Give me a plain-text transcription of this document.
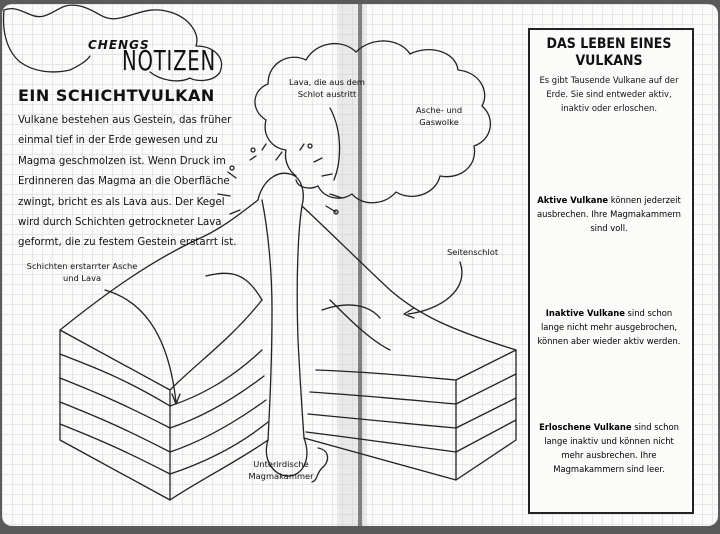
CHENGS
NOTIZEN
EIN SCHICHTVULKAN
Vulkane bestehen aus Gestein, das früher einmal tief in der Erde gewesen und zu Magma geschmolzen ist. Wenn Druck im Erdinneren das Magma an die Oberfläche zwingt, bricht es als Lava aus. Der Kegel wird durch Schichten getrockneter Lava geformt, die zu festem Gestein erstarrt ist.
Lava, die aus dem Schlot austritt
Asche- und Gaswolke
Schichten erstarrter Asche und Lava
Seitenschlot
Unterirdische Magmakammer
DAS LEBEN EINES VULKANS
Es gibt Tausende Vulkane auf der Erde. Sie sind entweder aktiv, inaktiv oder erloschen.
Aktive Vulkane können jederzeit ausbrechen. Ihre Magmakammern sind voll.
Inaktive Vulkane sind schon lange nicht mehr ausgebrochen, können aber wieder aktiv werden.
Erloschene Vulkane sind schon lange inaktiv und können nicht mehr ausbrechen. Ihre Magmakammern sind leer.
